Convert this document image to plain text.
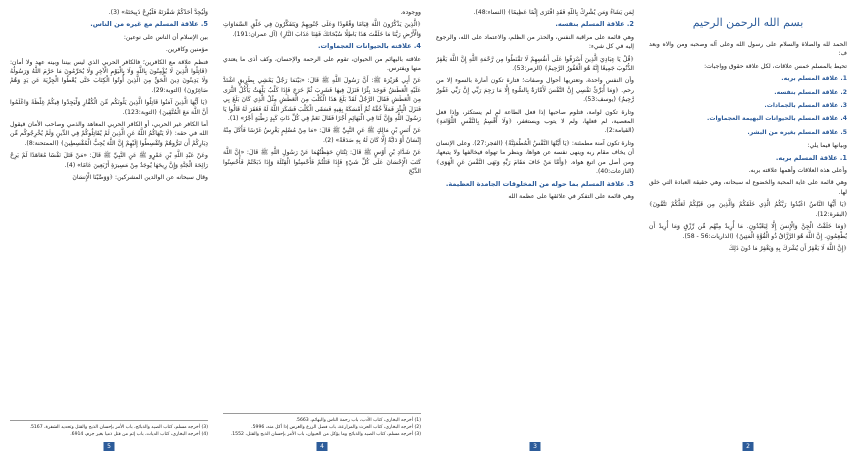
وَلْيُحِدَّ أَحَدُكُمْ شَفْرَتَهُ فَلْيُرِحْ ذَبِيحَتَهُ» (3).

5. علاقة المسلم مع غيره من الناس.

بين الإسلام أن الناس على نوعين:

مؤمنين وكافرين.

فنظم علاقة مع الكافرين؛ فالكافر الحربي الذي ليس بيننا وبينه عهد ولا أمان: ﴿قَاتِلُوا الَّذِينَ لَا يُؤْمِنُونَ بِاللَّهِ وَلَا بِالْيَوْمِ الْآخِرِ وَلَا يُحَرِّمُونَ مَا حَرَّمَ اللَّهُ وَرَسُولُهُ وَلَا يَدِينُونَ دِينَ الْحَقِّ مِنَ الَّذِينَ أُوتُوا الْكِتَابَ حَتَّى يُعْطُوا الْجِزْيَةَ عَن يَدٍ وَهُمْ صَاغِرُونَ﴾ (التوبة:29).

﴿يَا أَيُّهَا الَّذِينَ آمَنُوا قَاتِلُوا الَّذِينَ يَلُونَكُم مِّنَ الْكُفَّارِ وَلْيَجِدُوا فِيكُمْ غِلْظَةً وَاعْلَمُوا أَنَّ اللَّهَ مَعَ الْمُتَّقِينَ﴾ (التوبة:123).

أما الكافر غير الحربي، أو الكافر الحربي المعاهد والذمي وصاحب الأمان فيقول الله في حقه: ﴿لَا يَنْهَاكُمُ اللَّهُ عَنِ الَّذِينَ لَمْ يُقَاتِلُوكُمْ فِي الدِّينِ وَلَمْ يُخْرِجُوكُم مِّن دِيَارِكُمْ أَن تَبَرُّوهُمْ وَتُقْسِطُوا إِلَيْهِمْ إِنَّ اللَّهَ يُحِبُّ الْمُقْسِطِينَ﴾ (الممتحنة:8).

وعَنْ عَبْدِ اللَّهِ بْنِ عَمْرٍو ﷺ عَنِ النَّبِيِّ ﷺ قَالَ: «مَنْ قَتَلَ نَفْسًا مُعَاهَدًا لَمْ يَرِحْ رَائِحَةَ الْجَنَّةِ وَإِنَّ رِيحَهَا يُوجَدُ مِنْ مَسِيرَةِ أَرْبَعِينَ عَامًا» (4).

وقال سبحانه عن الوالدين المشركين: ﴿وَوَصَّيْنَا الْإِنسَانَ

(3) أخرجه مسلم، كتاب الصيد والذبائح، باب الأمر بإحسان الذبح والقتل وتحديد الشفرة، 5167.

(4) أخرجه البخاري، كتاب الديات، باب إثم من قتل ذميا بغير جرم، 6914.

5

ووجوده.

﴿الَّذِينَ يَذْكُرُونَ اللَّهَ قِيَامًا وَقُعُودًا وَعَلَى جُنُوبِهِمْ وَيَتَفَكَّرُونَ فِي خَلْقِ السَّمَاوَاتِ وَالْأَرْضِ رَبَّنَا مَا خَلَقْتَ هَذَا بَاطِلًا سُبْحَانَكَ فَقِنَا عَذَابَ النَّارِ﴾ (آل عمران:191).

4. علاقته بالحيوانات العجماوات.

علاقته بالبهائم من الحيوان، تقوم على الرحمة والإحسان، وكف أذى ما يعتدي منها ويفترس.

عَنْ أَبِي هُرَيْرَةَ ﷺ: أَنَّ رَسُولَ اللَّهِ ﷺ قَالَ: «بَيْنَمَا رَجُلٌ يَمْشِي بِطَرِيقٍ اشْتَدَّ عَلَيْهِ الْعَطَشُ فَوَجَدَ بِئْرًا فَنَزَلَ فِيهَا فَشَرِبَ ثُمَّ خَرَجَ فَإِذَا كَلْبٌ يَلْهَثُ يَأْكُلُ الثَّرَى مِنَ الْعَطَشِ فَقَالَ الرَّجُلُ لَقَدْ بَلَغَ هَذَا الْكَلْبَ مِنَ الْعَطَشِ مِثْلُ الَّذِي كَانَ بَلَغَ بِي فَنَزَلَ الْبِئْرَ فَمَلَأَ خُفَّهُ ثُمَّ أَمْسَكَهُ بِفِيهِ فَسَقَى الْكَلْبَ فَشَكَرَ اللَّهُ لَهُ فَغَفَرَ لَهُ قَالُوا يَا رَسُولَ اللَّهِ وَإِنَّ لَنَا فِي الْبَهَائِمِ أَجْرًا فَقَالَ نَعَمْ فِي كُلِّ ذَاتِ كَبِدٍ رَطْبَةٍ أَجْرٌ» (1).

عَنْ أَنَسِ بْنِ مَالِكٍ ﷺ عَنِ النَّبِيِّ ﷺ قَالَ: «مَا مِنْ مُسْلِمٍ يَغْرِسُ غَرْسًا فَأَكَلَ مِنْهُ إِنْسَانٌ أَوْ دَابَّةٌ إِلَّا كَانَ لَهُ بِهِ صَدَقَةٌ» (2).

عَنْ شَدَّادِ بْنِ أَوْسٍ ﷺ قَالَ: ثِنْتَانِ حَفِظْتُهُمَا عَنْ رَسُولِ اللَّهِ ﷺ قَالَ: «إِنَّ اللَّهَ كَتَبَ الْإِحْسَانَ عَلَى كُلِّ شَيْءٍ فَإِذَا قَتَلْتُمْ فَأَحْسِنُوا الْقِتْلَةَ وَإِذَا ذَبَحْتُمْ فَأَحْسِنُوا الذَّبْحَ

(1) أخرجه البخاري، كتاب الأدب، باب رحمة الناس والبهائم، 5663.

(2) أخرجه البخاري، كتاب الحرث والمزارعة، باب فضل الزرع والغرس إذا أكل منه، 5996.

(3) أخرجه مسلم، كتاب الصيد والذبائح وما يؤكل من الحيوان، باب الأمر بإحسان الذبح والقتل، 1552.

4

لِمَن يَشَاءُ وَمَن يُشْرِكْ بِاللَّهِ فَقَدِ افْتَرَى إِثْمًا عَظِيمًا﴾ (النساء:48).

2. علاقة المسلم بنفسه.

وهي قائمة على مراقبة النفس، والحذر من الظلم، والاعتماد على الله، والرجوع إليه في كل شيء:

﴿قُلْ يَا عِبَادِيَ الَّذِينَ أَسْرَفُوا عَلَى أَنفُسِهِمْ لَا تَقْنَطُوا مِن رَّحْمَةِ اللَّهِ إِنَّ اللَّهَ يَغْفِرُ الذُّنُوبَ جَمِيعًا إِنَّهُ هُوَ الْغَفُورُ الرَّحِيمُ﴾ (الزمر:53).

وأن النفس واحدة، وتعتريها أحوال وصفات؛ فتارة تكون أمارة بالسوء إلا من رحم. ﴿وَمَا أُبَرِّئُ نَفْسِي إِنَّ النَّفْسَ لَأَمَّارَةٌ بِالسُّوءِ إِلَّا مَا رَحِمَ رَبِّي إِنَّ رَبِّي غَفُورٌ رَّحِيمٌ﴾ (يوسف:53).

وتارة تكون لوامة، فتلوم صاحبها إذا فعل الطاعة لم لم يستكثر، وإذا فعل المعصية، لم فعلها، ولم لا يتوب ويستغفر، ﴿وَلَا أُقْسِمُ بِالنَّفْسِ اللَّوَّامَةِ﴾ (القيامة:2).

وتارة تكون آمنة مطمئنة: ﴿يَا أَيَّتُهَا النَّفْسُ الْمُطْمَئِنَّةُ﴾ (الفجر:27). وعلى الإنسان أن يخاف مقام ربه وينهى نفسه عن هواها، وينظر ما تهواه فيخالفها ولا يتبعها، ومن أصل من اتبع هواه. ﴿وَأَمَّا مَنْ خَافَ مَقَامَ رَبِّهِ وَنَهَى النَّفْسَ عَنِ الْهَوَى﴾ (النازعات:40).

3. علاقة المسلم بما حوله من المخلوقات الجامدة العظيمة.

وهي قائمة على التفكر في علائقها على عظمة الله

3
بسم الله الرحمن الرحيم

الحمد لله والصلاة والسلام على رسول الله وعلى آله وصحبه ومن والاه وبعد ف:

تحيط بالمسلم خمس علاقات، لكل علاقة حقوق وواجبات:

1. علاقة المسلم بربه.
2. علاقة المسلم بنفسه.
3. علاقة المسلم بالجمادات.
4. علاقة المسلم بالحيوانات البهيمة العجماوات.
5. علاقة المسلم بغيره من البشر.

وبيانها فيما يلي:

1. علاقة المسلم بربه.

وأعلى هذه العلاقات وأهمها علاقته بربه.

وهي قائمة على غاية المحبة والخضوع له سبحانه، وهي حقيقة العبادة التي خلق لها.

﴿يَا أَيُّهَا النَّاسُ اعْبُدُوا رَبَّكُمُ الَّذِي خَلَقَكُمْ وَالَّذِينَ مِن قَبْلِكُمْ لَعَلَّكُمْ تَتَّقُونَ﴾ (البقرة:12).

﴿وَمَا خَلَقْتُ الْجِنَّ وَالْإِنسَ إِلَّا لِيَعْبُدُونِ. مَا أُرِيدُ مِنْهُم مِّن رِّزْقٍ وَمَا أُرِيدُ أَن يُطْعِمُونِ. إِنَّ اللَّهَ هُوَ الرَّزَّاقُ ذُو الْقُوَّةِ الْمَتِينُ﴾ (الذاريات:56 - 58).

﴿إِنَّ اللَّهَ لَا يَغْفِرُ أَن يُشْرَكَ بِهِ وَيَغْفِرُ مَا دُونَ ذَلِكَ

2
